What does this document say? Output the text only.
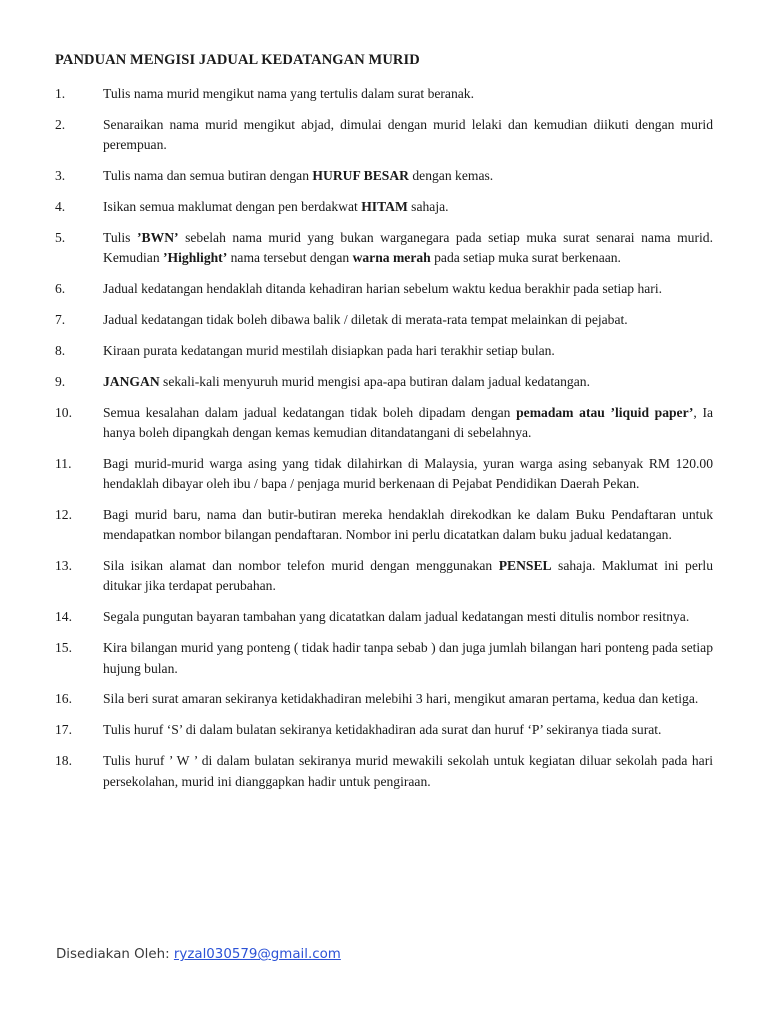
PANDUAN MENGISI JADUAL KEDATANGAN MURID
1.	Tulis nama murid mengikut nama yang tertulis dalam surat beranak.
2.	Senaraikan nama murid mengikut abjad, dimulai dengan murid lelaki dan kemudian diikuti dengan murid perempuan.
3.	Tulis nama dan semua butiran dengan HURUF BESAR dengan kemas.
4.	Isikan semua maklumat dengan pen berdakwat HITAM sahaja.
5.	Tulis ’BWN’ sebelah nama murid yang bukan warganegara pada setiap muka surat senarai nama murid. Kemudian ’Highlight’ nama tersebut dengan warna merah pada setiap muka surat berkenaan.
6.	Jadual kedatangan hendaklah ditanda kehadiran harian sebelum waktu kedua berakhir pada setiap hari.
7.	Jadual kedatangan tidak boleh dibawa balik / diletak di merata-rata tempat melainkan di pejabat.
8.	Kiraan purata kedatangan murid mestilah disiapkan pada hari terakhir setiap bulan.
9.	JANGAN sekali-kali menyuruh murid mengisi apa-apa butiran dalam jadual kedatangan.
10.	Semua kesalahan dalam jadual kedatangan tidak boleh dipadam dengan pemadam atau ’liquid paper’, Ia hanya boleh dipangkah dengan kemas kemudian ditandatangani di sebelahnya.
11.	Bagi murid-murid warga asing yang tidak dilahirkan di Malaysia, yuran warga asing sebanyak RM 120.00 hendaklah dibayar oleh ibu / bapa / penjaga murid berkenaan di Pejabat Pendidikan Daerah Pekan.
12.	Bagi murid baru, nama dan butir-butiran mereka hendaklah direkodkan ke dalam Buku Pendaftaran untuk mendapatkan nombor bilangan pendaftaran. Nombor ini perlu dicatatkan dalam buku jadual kedatangan.
13.	Sila isikan alamat dan nombor telefon murid dengan menggunakan PENSEL sahaja. Maklumat ini perlu ditukar jika terdapat perubahan.
14.	Segala pungutan bayaran tambahan yang dicatatkan dalam jadual kedatangan mesti ditulis nombor resitnya.
15.	Kira bilangan murid yang ponteng ( tidak hadir tanpa sebab ) dan juga jumlah bilangan hari ponteng pada setiap hujung bulan.
16.	Sila beri surat amaran sekiranya ketidakhadiran melebihi 3 hari, mengikut amaran pertama, kedua dan ketiga.
17.	Tulis huruf ‘S’ di dalam bulatan sekiranya ketidakhadiran ada surat dan huruf ‘P’ sekiranya tiada surat.
18.	Tulis huruf ’ W ’ di dalam bulatan sekiranya murid mewakili sekolah untuk kegiatan diluar sekolah pada hari persekolahan, murid ini dianggapkan hadir untuk pengiraan.
Disediakan Oleh: ryzal030579@gmail.com
